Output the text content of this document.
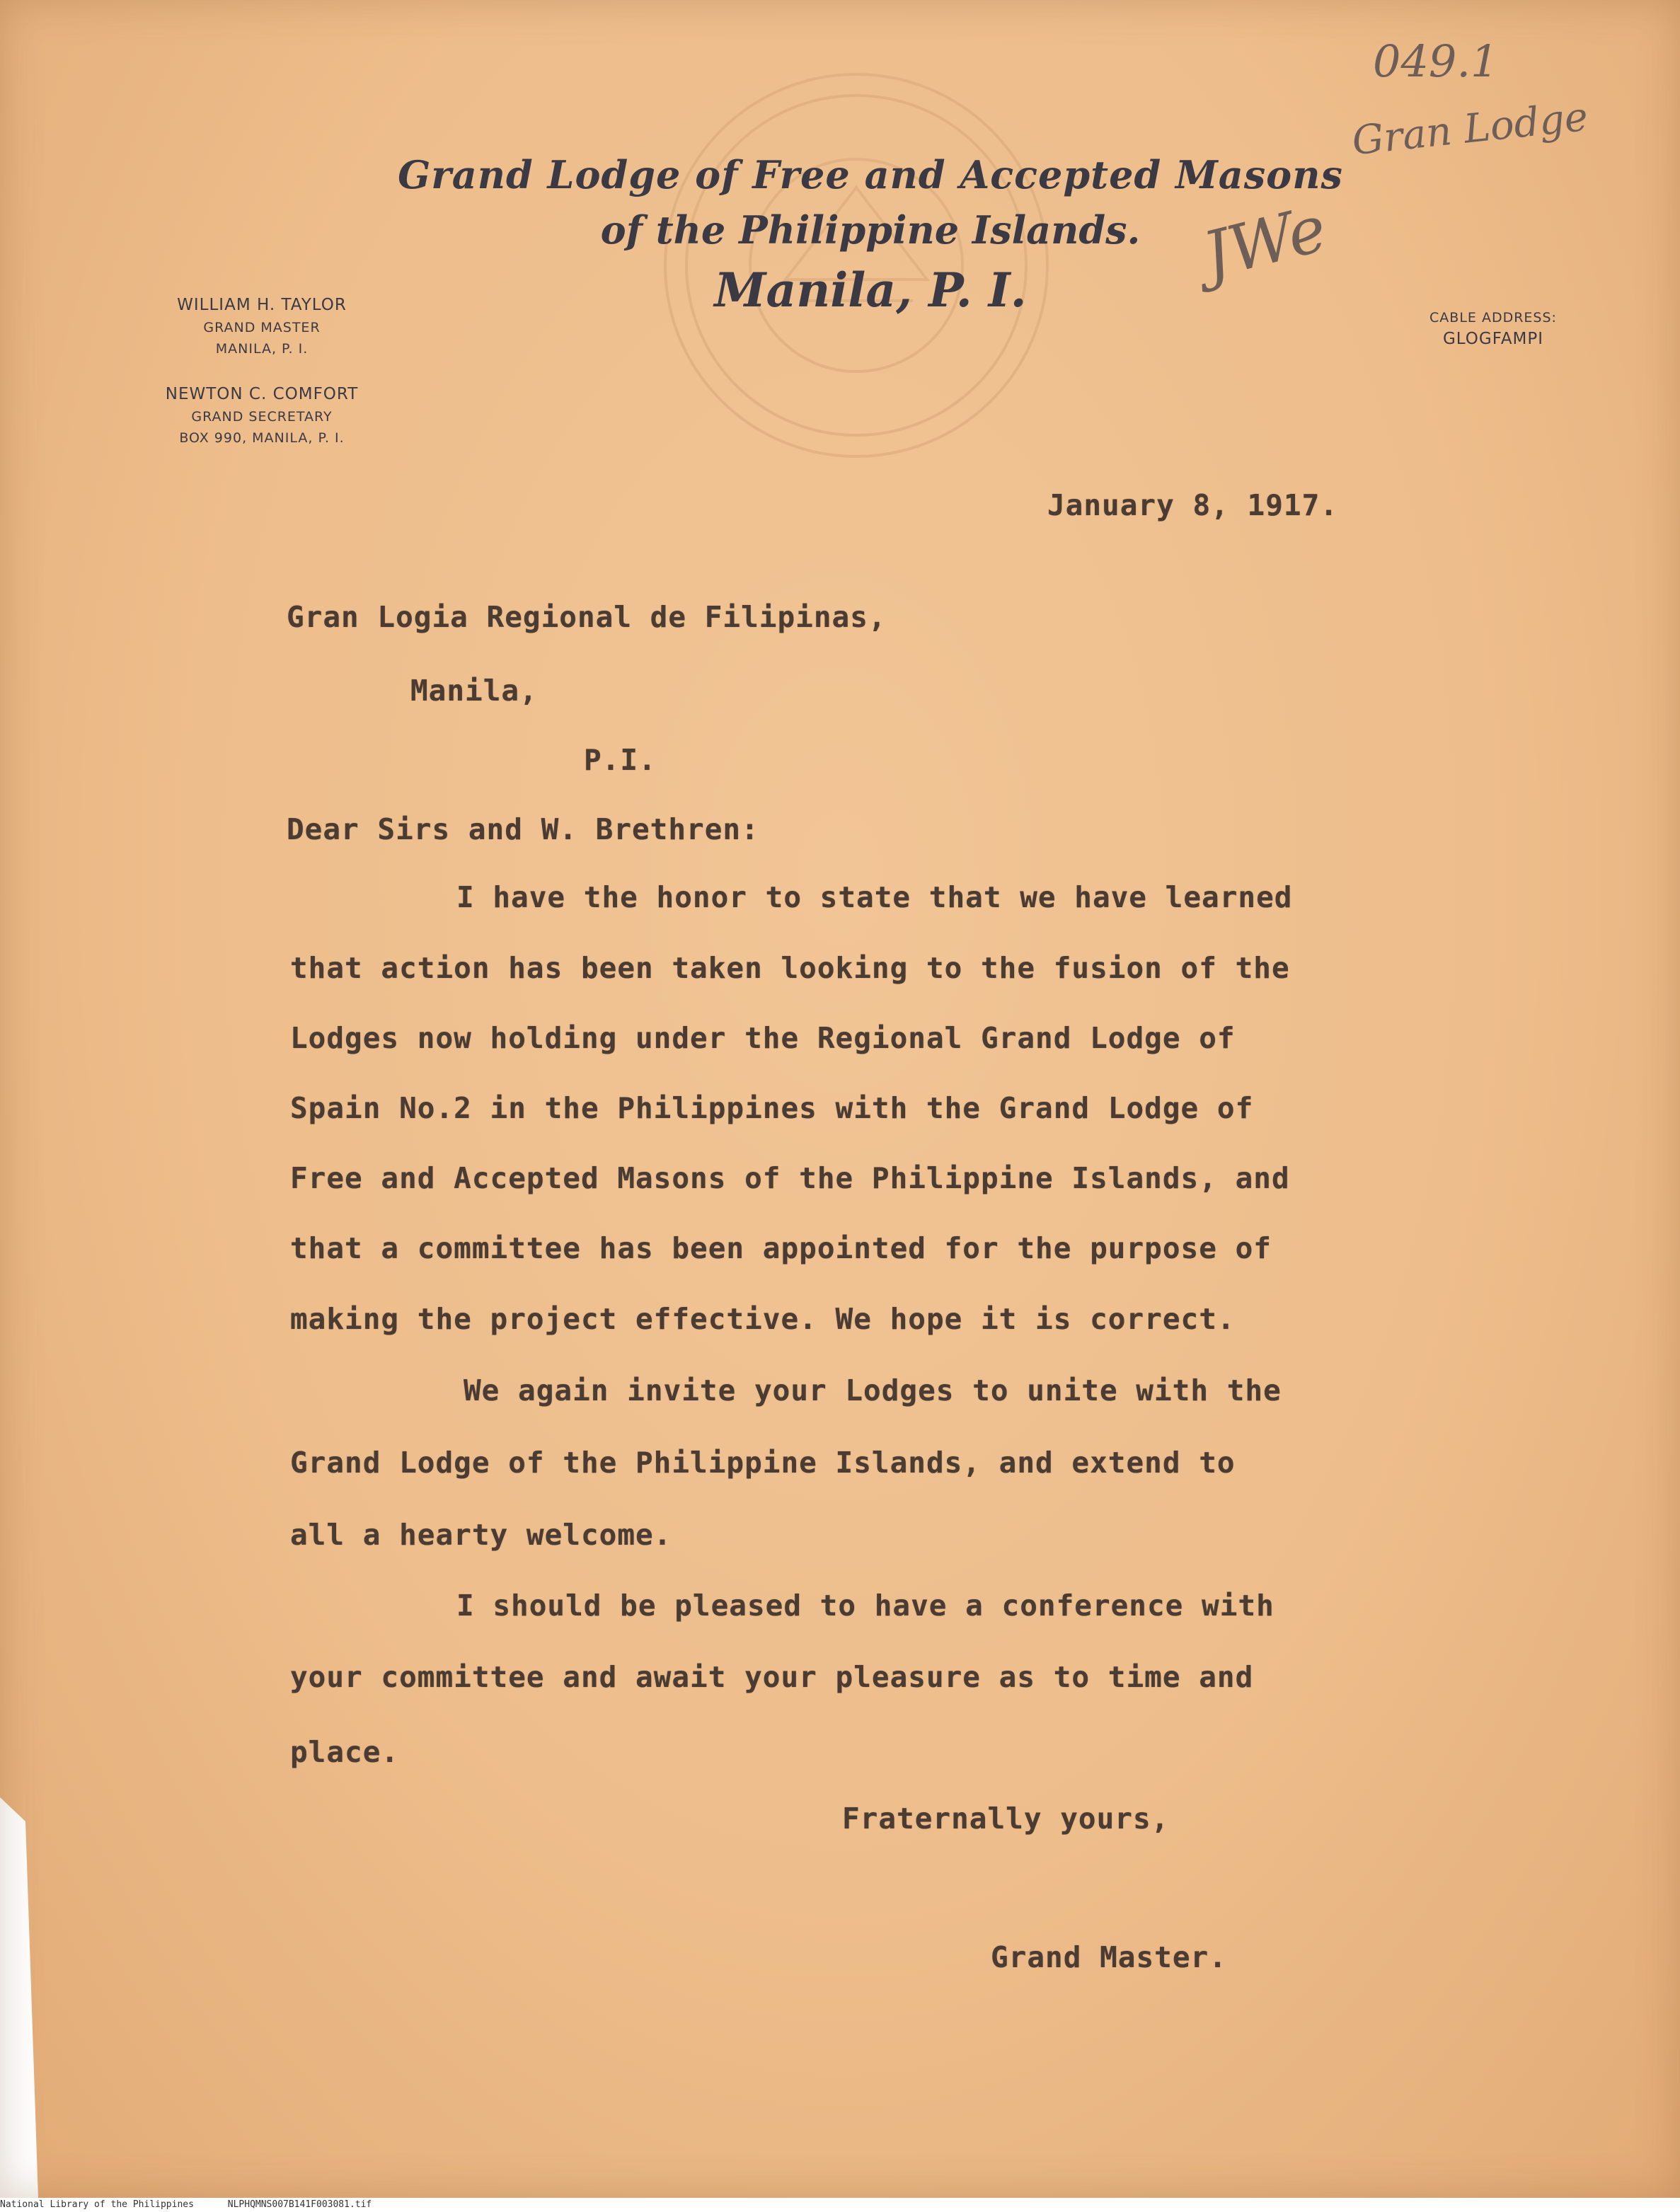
Grand Lodge of Free and Accepted Masons
of the Philippine Islands.
Manila, P. I.
WILLIAM H. TAYLOR
GRAND MASTER
MANILA, P. I.
NEWTON C. COMFORT
GRAND SECRETARY
BOX 990, MANILA, P. I.
CABLE ADDRESS:
GLOGFAMPI
049.1
Gran Lodge
JWe
January 8, 1917.
Gran Logia Regional de Filipinas,
Manila,
P.I.
Dear Sirs and W. Brethren:
I have the honor to state that we have learned
that action has been taken looking to the fusion of the
Lodges now holding under the Regional Grand Lodge of
Spain No.2 in the Philippines with the Grand Lodge of
Free and Accepted Masons of the Philippine Islands, and
that a committee has been appointed for the purpose of
making the project effective. We hope it is correct.
We again invite your Lodges to unite with the
Grand Lodge of the Philippine Islands, and extend to
all a hearty welcome.
I should be pleased to have a conference with
your committee and await your pleasure as to time and
place.
Fraternally yours,
Grand Master.
National Library of the Philippines	NLPHQMNS007B141F003081.tif
